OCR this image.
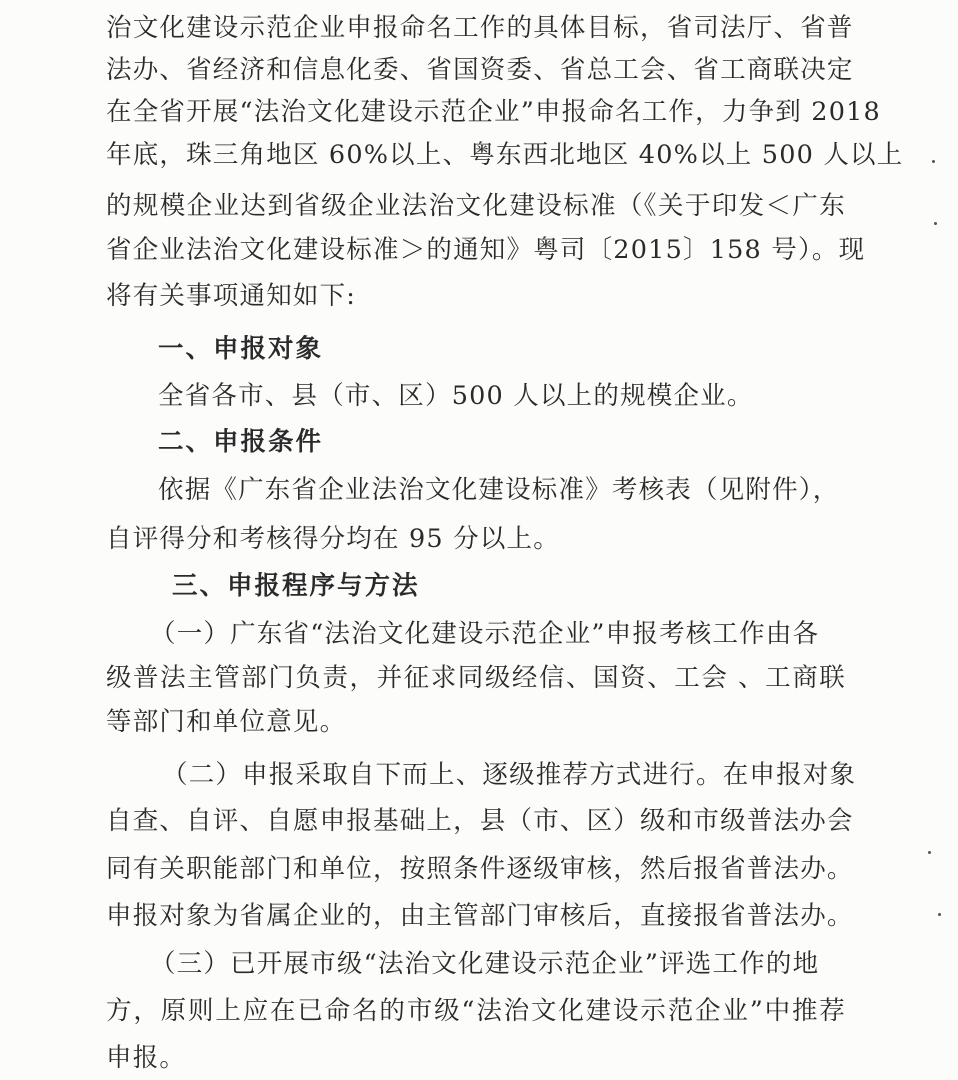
治文化建设示范企业申报命名工作的具体目标，省司法厅、省普
法办、省经济和信息化委、省国资委、省总工会、省工商联决定
在全省开展“法治文化建设示范企业”申报命名工作，力争到 2018
年底，珠三角地区 60%以上、粤东西北地区 40%以上 500 人以上
的规模企业达到省级企业法治文化建设标准（《关于印发＜广东
省企业法治文化建设标准＞的通知》粤司〔2015〕158 号）。现
将有关事项通知如下:
一、申报对象
全省各市、县（市、区）500 人以上的规模企业。
二、申报条件
依据《广东省企业法治文化建设标准》考核表（见附件），
自评得分和考核得分均在 95 分以上。
三、申报程序与方法
（一）广东省“法治文化建设示范企业”申报考核工作由各
级普法主管部门负责，并征求同级经信、国资、工会 、工商联
等部门和单位意见。
（二）申报采取自下而上、逐级推荐方式进行。在申报对象
自查、自评、自愿申报基础上，县（市、区）级和市级普法办会
同有关职能部门和单位，按照条件逐级审核，然后报省普法办。
申报对象为省属企业的，由主管部门审核后，直接报省普法办。
（三）已开展市级“法治文化建设示范企业”评选工作的地
方，原则上应在已命名的市级“法治文化建设示范企业”中推荐
申报。
